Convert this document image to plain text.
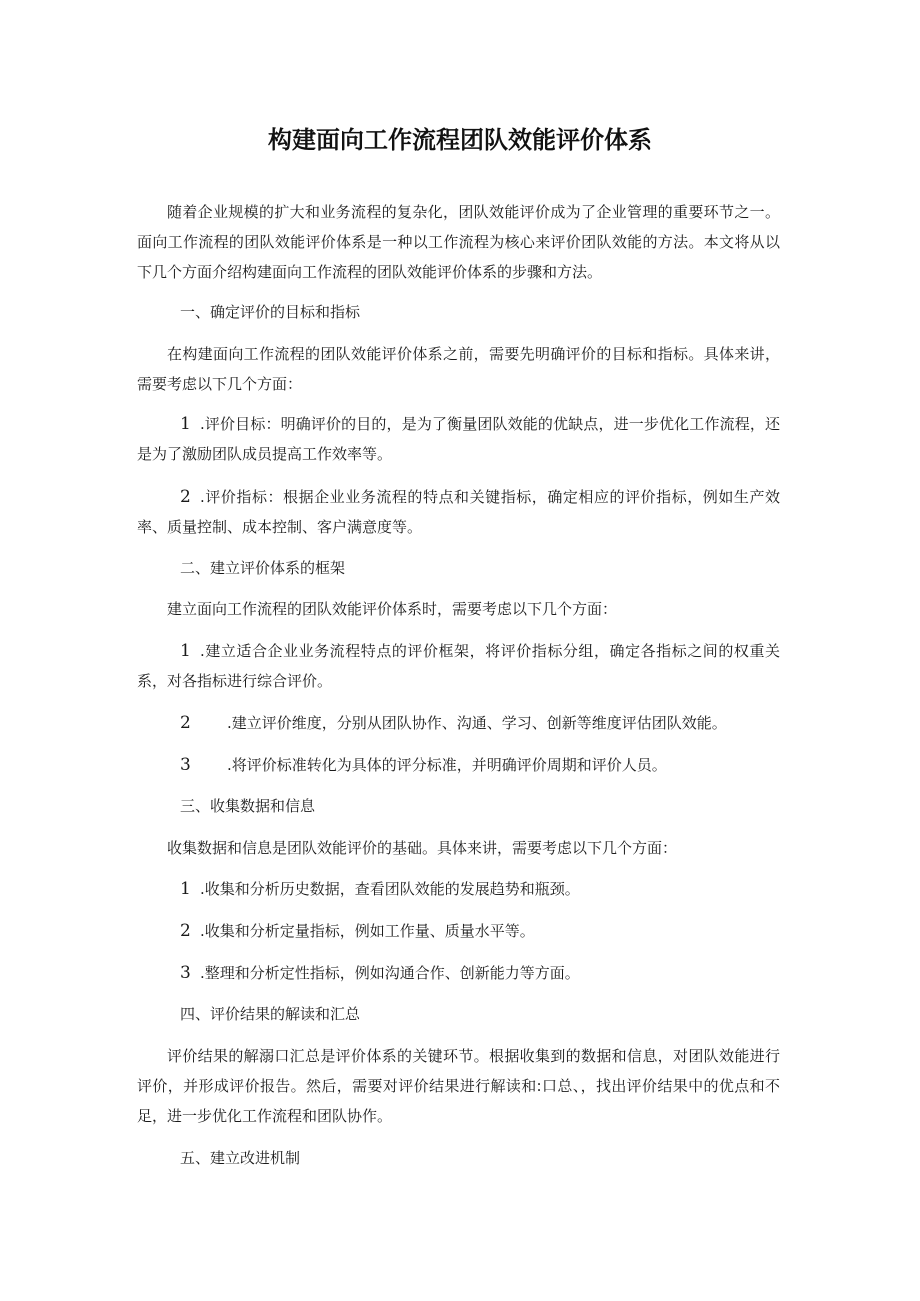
构建面向工作流程团队效能评价体系
随着企业规模的扩大和业务流程的复杂化，团队效能评价成为了企业管理的重要环节之一。面向工作流程的团队效能评价体系是一种以工作流程为核心来评价团队效能的方法。本文将从以下几个方面介绍构建面向工作流程的团队效能评价体系的步骤和方法。
一、确定评价的目标和指标
在构建面向工作流程的团队效能评价体系之前，需要先明确评价的目标和指标。具体来讲，需要考虑以下几个方面：
1 .评价目标：明确评价的目的，是为了衡量团队效能的优缺点，进一步优化工作流程，还是为了激励团队成员提高工作效率等。
2 .评价指标：根据企业业务流程的特点和关键指标，确定相应的评价指标，例如生产效率、质量控制、成本控制、客户满意度等。
二、建立评价体系的框架
建立面向工作流程的团队效能评价体系时，需要考虑以下几个方面：
1 .建立适合企业业务流程特点的评价框架，将评价指标分组，确定各指标之间的权重关系，对各指标进行综合评价。
2 .建立评价维度，分别从团队协作、沟通、学习、创新等维度评估团队效能。
3 .将评价标准转化为具体的评分标准，并明确评价周期和评价人员。
三、收集数据和信息
收集数据和信息是团队效能评价的基础。具体来讲，需要考虑以下几个方面：
1 .收集和分析历史数据，查看团队效能的发展趋势和瓶颈。
2 .收集和分析定量指标，例如工作量、质量水平等。
3 .整理和分析定性指标，例如沟通合作、创新能力等方面。
四、评价结果的解读和汇总
评价结果的解溺口汇总是评价体系的关键环节。根据收集到的数据和信息，对团队效能进行评价，并形成评价报告。然后，需要对评价结果进行解读和:口总、，找出评价结果中的优点和不足，进一步优化工作流程和团队协作。
五、建立改进机制
